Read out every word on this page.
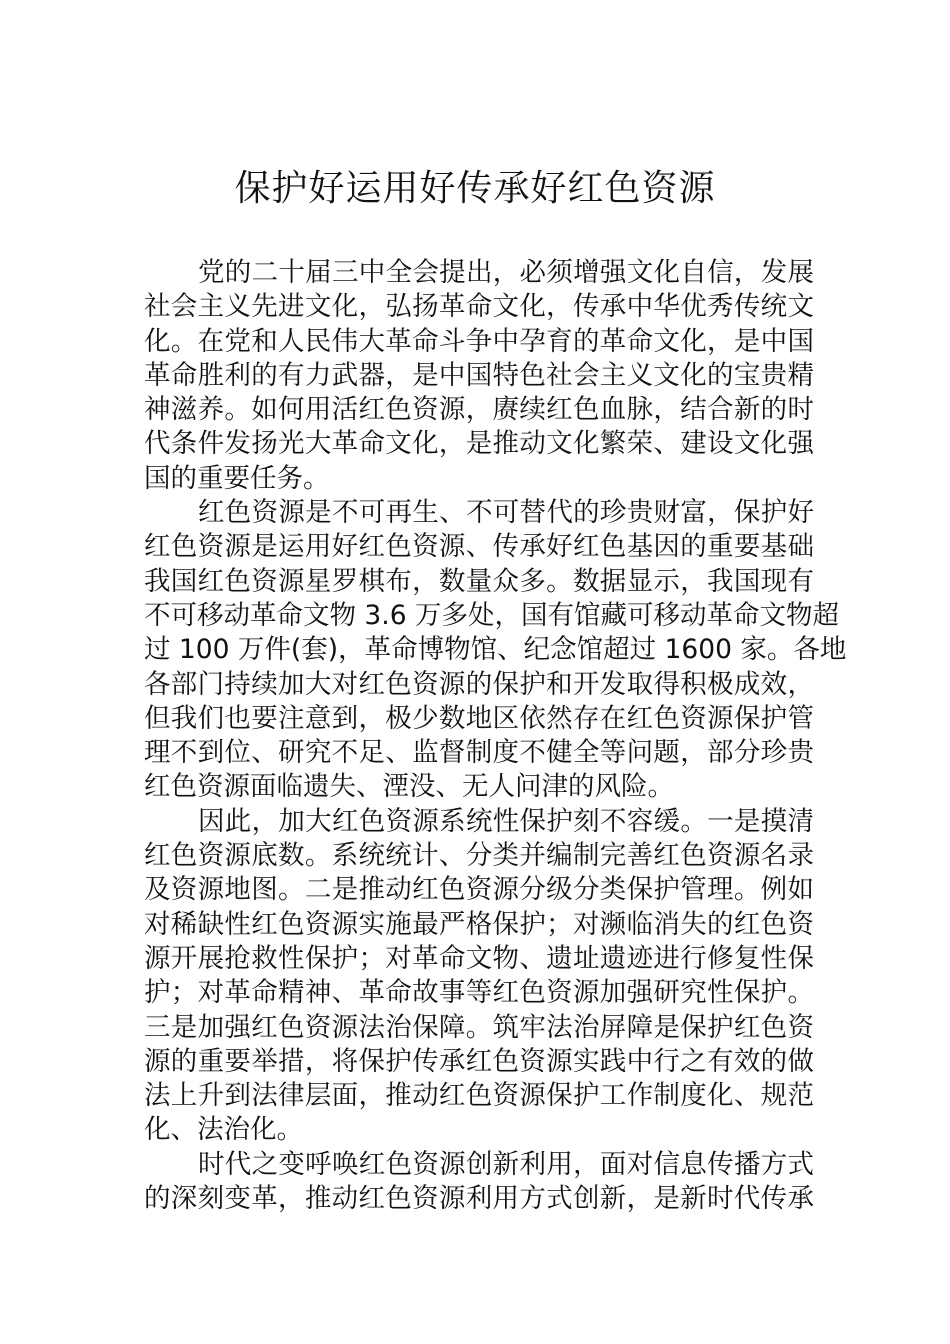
保护好运用好传承好红色资源

党的二十届三中全会提出，必须增强文化自信，发展

社会主义先进文化，弘扬革命文化，传承中华优秀传统文

化。在党和人民伟大革命斗争中孕育的革命文化，是中国

革命胜利的有力武器，是中国特色社会主义文化的宝贵精

神滋养。如何用活红色资源，赓续红色血脉，结合新的时

代条件发扬光大革命文化，是推动文化繁荣、建设文化强

国的重要任务。

红色资源是不可再生、不可替代的珍贵财富，保护好

红色资源是运用好红色资源、传承好红色基因的重要基础

我国红色资源星罗棋布，数量众多。数据显示，我国现有

不可移动革命文物 3.6 万多处，国有馆藏可移动革命文物超

过 100 万件(套)，革命博物馆、纪念馆超过 1600 家。各地

各部门持续加大对红色资源的保护和开发取得积极成效，

但我们也要注意到，极少数地区依然存在红色资源保护管

理不到位、研究不足、监督制度不健全等问题，部分珍贵

红色资源面临遗失、湮没、无人问津的风险。

因此，加大红色资源系统性保护刻不容缓。一是摸清

红色资源底数。系统统计、分类并编制完善红色资源名录

及资源地图。二是推动红色资源分级分类保护管理。例如

对稀缺性红色资源实施最严格保护；对濒临消失的红色资

源开展抢救性保护；对革命文物、遗址遗迹进行修复性保

护；对革命精神、革命故事等红色资源加强研究性保护。

三是加强红色资源法治保障。筑牢法治屏障是保护红色资

源的重要举措，将保护传承红色资源实践中行之有效的做

法上升到法律层面，推动红色资源保护工作制度化、规范

化、法治化。

时代之变呼唤红色资源创新利用，面对信息传播方式

的深刻变革，推动红色资源利用方式创新，是新时代传承
